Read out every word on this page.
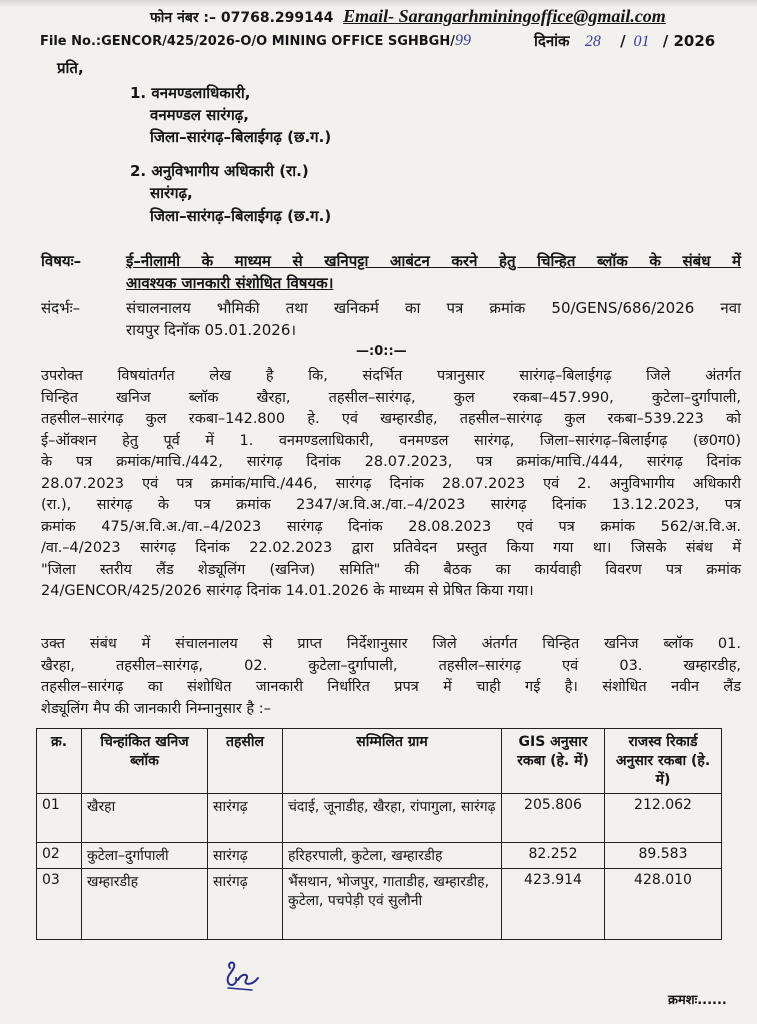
फोन नंबर :– 07768.299144 Email- Sarangarhminingoffice@gmail.com
File No.:GENCOR/425/2026-O/O MINING OFFICE SGHBGH/99	दिनांक 28 / 01 / 2026
प्रति,
1. वनमण्डलाधिकारी,
वनमण्डल सारंगढ़,
जिला–सारंगढ़–बिलाईगढ़ (छ.ग.)
2. अनुविभागीय अधिकारी (रा.)
सारंगढ़,
जिला–सारंगढ़–बिलाईगढ़ (छ.ग.)
विषयः–	ई–नीलामी के माध्यम से खनिपट्टा आबंटन करने हेतु चिन्हित ब्लॉक के संबंध में
आवश्यक जानकारी संशोधित विषयक।
संदर्भः–	संचालनालय भौमिकी तथा खनिकर्म का पत्र क्रमांक 50/GENS/686/2026 नवा
रायपुर दिनॉक 05.01.2026।
—:0::—
उपरोक्त विषयांतर्गत लेख है कि, संदर्भित पत्रानुसार सारंगढ़–बिलाईगढ़ जिले अंतर्गत
चिन्हित खनिज ब्लॉक खैरहा, तहसील–सारंगढ़, कुल रकबा–457.990, कुटेला–दुर्गापाली,
तहसील–सारंगढ़ कुल रकबा–142.800 हे. एवं खम्हारडीह, तहसील–सारंगढ़ कुल रकबा–539.223 को
ई–ऑक्शन हेतु पूर्व में 1. वनमण्डलाधिकारी, वनमण्डल सारंगढ़, जिला–सारंगढ़–बिलाईगढ़ (छ0ग0)
के पत्र क्रमांक/माचि./442, सारंगढ़ दिनांक 28.07.2023, पत्र क्रमांक/माचि./444, सारंगढ़ दिनांक
28.07.2023 एवं पत्र क्रमांक/माचि./446, सारंगढ़ दिनांक 28.07.2023 एवं 2. अनुविभागीय अधिकारी
(रा.), सारंगढ़ के पत्र क्रमांक 2347/अ.वि.अ./वा.–4/2023 सारंगढ़ दिनांक 13.12.2023, पत्र
क्रमांक 475/अ.वि.अ./वा.–4/2023 सारंगढ़ दिनांक 28.08.2023 एवं पत्र क्रमांक 562/अ.वि.अ.
/वा.–4/2023 सारंगढ़ दिनांक 22.02.2023 द्वारा प्रतिवेदन प्रस्तुत किया गया था। जिसके संबंध में
"जिला स्तरीय लैंड शेड्यूलिंग (खनिज) समिति" की बैठक का कार्यवाही विवरण पत्र क्रमांक
24/GENCOR/425/2026 सारंगढ़ दिनांक 14.01.2026 के माध्यम से प्रेषित किया गया।
उक्त संबंध में संचालनालय से प्राप्त निर्देशानुसार जिले अंतर्गत चिन्हित खनिज ब्लॉक 01.
खैरहा, तहसील–सारंगढ़, 02. कुटेला–दुर्गापाली, तहसील–सारंगढ़ एवं 03. खम्हारडीह,
तहसील–सारंगढ़ का संशोधित जानकारी निर्धारित प्रपत्र में चाही गई है। संशोधित नवीन लैंड
शेड्यूलिंग मैप की जानकारी निम्नानुसार है :–
क्र.	चिन्हांकित खनिज ब्लॉक	तहसील	सम्मिलित ग्राम	GIS अनुसार रकबा (हे. में)	राजस्व रिकार्ड अनुसार रकबा (हे. में)
01	खैरहा	सारंगढ़	चंदाई, जूनाडीह, खैरहा, रांपागुला, सारंगढ़	205.806	212.062
02	कुटेला–दुर्गापाली	सारंगढ़	हरिहरपाली, कुटेला, खम्हारडीह	82.252	89.583
03	खम्हारडीह	सारंगढ़	भैंसथान, भोजपुर, गाताडीह, खम्हारडीह, कुटेला, पचपेड़ी एवं सुलौनी	423.914	428.010
क्रमशः......
